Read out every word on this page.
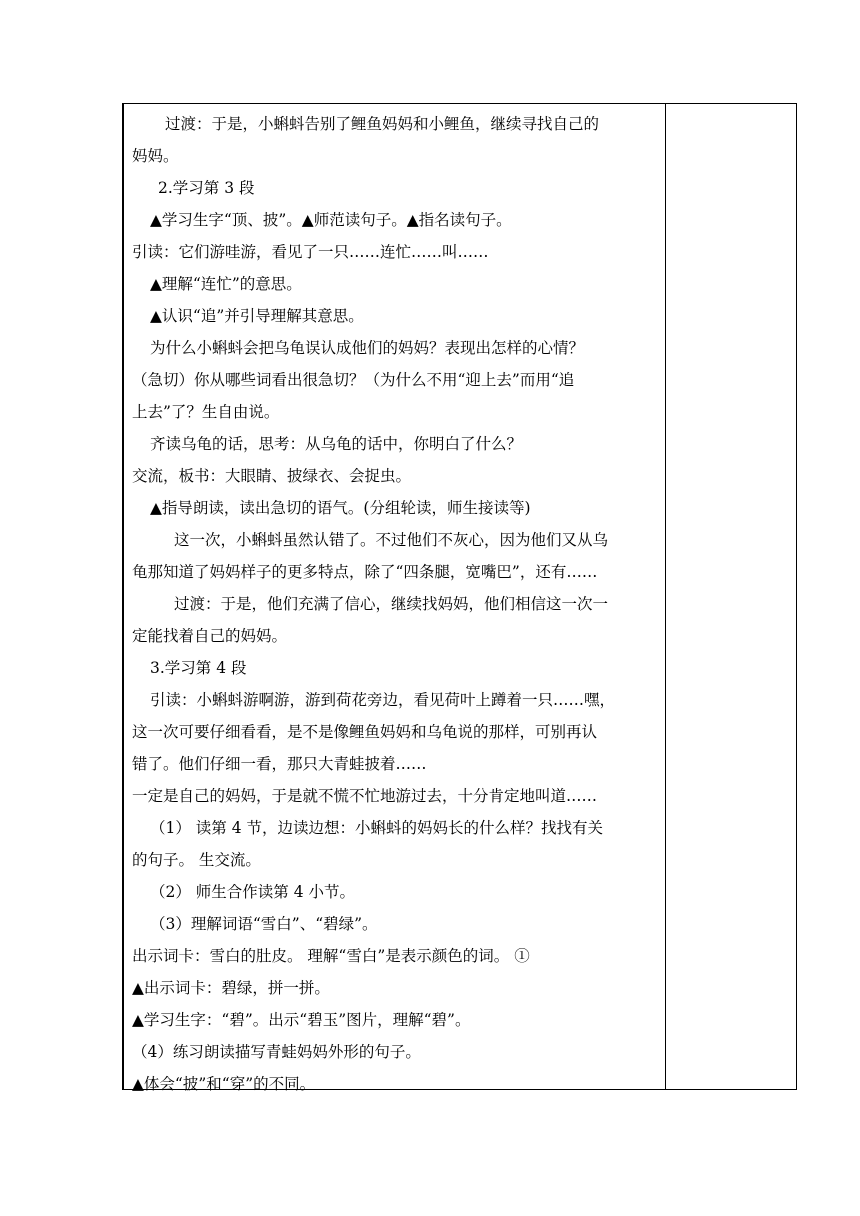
过渡：于是，小蝌蚪告别了鲤鱼妈妈和小鲤鱼，继续寻找自己的
妈妈。
2.学习第 3 段
▲学习生字“顶、披”。▲师范读句子。▲指名读句子。
引读：它们游哇游，看见了一只……连忙……叫……
▲理解“连忙”的意思。
▲认识“追”并引导理解其意思。
为什么小蝌蚪会把乌龟误认成他们的妈妈？表现出怎样的心情？
（急切）你从哪些词看出很急切？（为什么不用“迎上去”而用“追
上去”了？生自由说。
齐读乌龟的话，思考：从乌龟的话中，你明白了什么？
交流，板书：大眼睛、披绿衣、会捉虫。
▲指导朗读，读出急切的语气。(分组轮读，师生接读等)
这一次，小蝌蚪虽然认错了。不过他们不灰心，因为他们又从乌
龟那知道了妈妈样子的更多特点，除了“四条腿，宽嘴巴”，还有……
过渡：于是，他们充满了信心，继续找妈妈，他们相信这一次一
定能找着自己的妈妈。
3.学习第 4 段
引读：小蝌蚪游啊游，游到荷花旁边，看见荷叶上蹲着一只……嘿，
这一次可要仔细看看，是不是像鲤鱼妈妈和乌龟说的那样，可别再认
错了。他们仔细一看，那只大青蛙披着……
一定是自己的妈妈，于是就不慌不忙地游过去，十分肯定地叫道……
（1） 读第 4 节，边读边想：小蝌蚪的妈妈长的什么样？找找有关
的句子。 生交流。
（2） 师生合作读第 4 小节。
（3）理解词语“雪白”、“碧绿”。
出示词卡：雪白的肚皮。 理解“雪白”是表示颜色的词。 ①
▲出示词卡：碧绿，拼一拼。
▲学习生字：“碧”。出示“碧玉”图片，理解“碧”。
（4）练习朗读描写青蛙妈妈外形的句子。
▲体会“披”和“穿”的不同。
